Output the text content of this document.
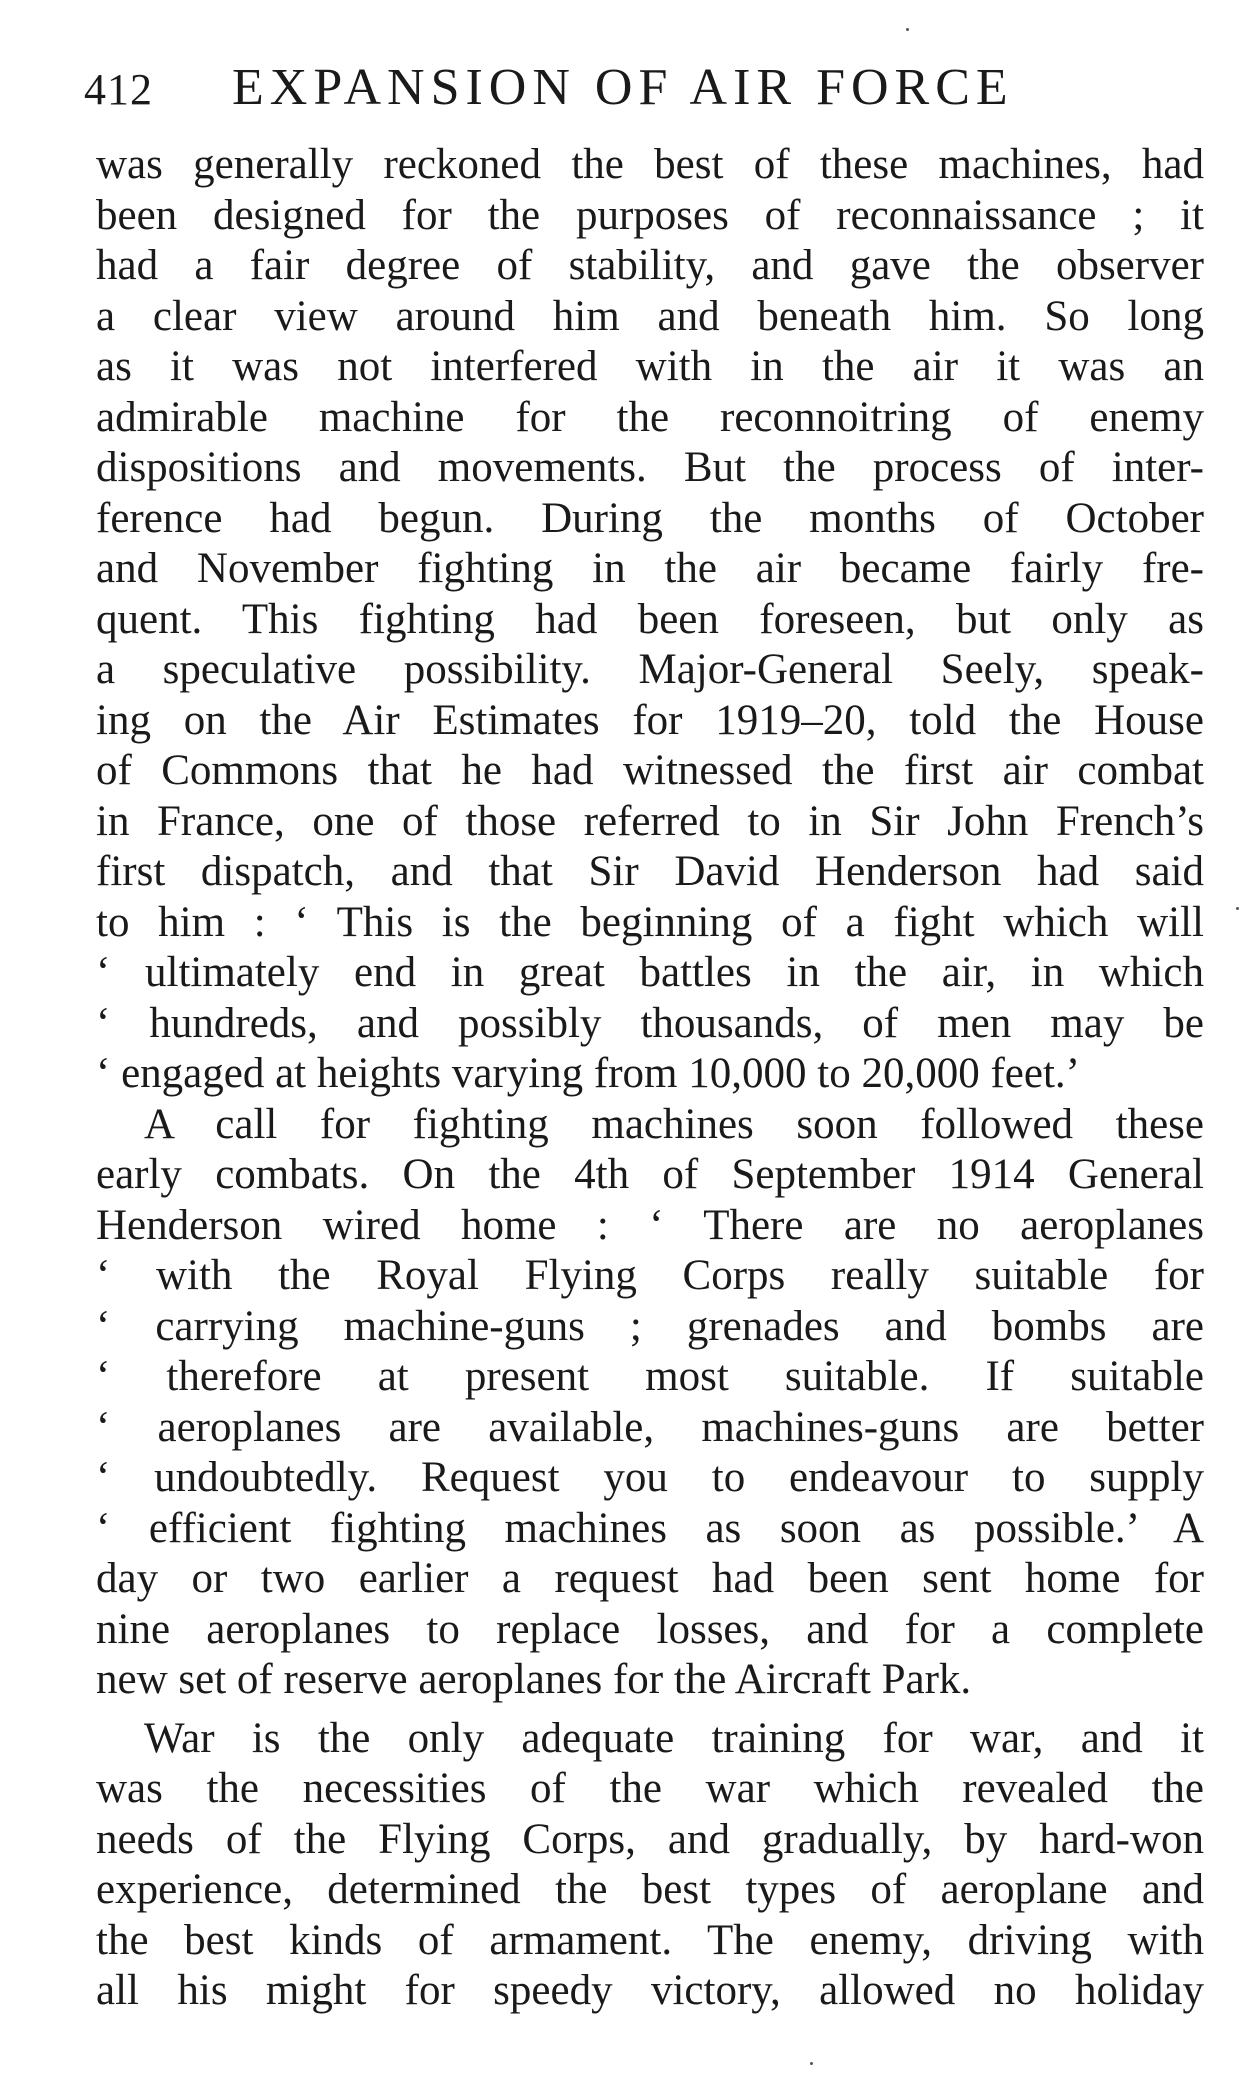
412 EXPANSION OF AIR FORCE
was generally reckoned the best of these machines, had
been designed for the purposes of reconnaissance ; it
had a fair degree of stability, and gave the observer
a clear view around him and beneath him. So long
as it was not interfered with in the air it was an
admirable machine for the reconnoitring of enemy
dispositions and movements. But the process of inter-
ference had begun. During the months of October
and November fighting in the air became fairly fre-
quent. This fighting had been foreseen, but only as
a speculative possibility. Major-General Seely, speak-
ing on the Air Estimates for 1919–20, told the House
of Commons that he had witnessed the first air combat
in France, one of those referred to in Sir John French’s
first dispatch, and that Sir David Henderson had said
to him : ‘ This is the beginning of a fight which will
‘ ultimately end in great battles in the air, in which
‘ hundreds, and possibly thousands, of men may be
‘ engaged at heights varying from 10,000 to 20,000 feet.’
A call for fighting machines soon followed these
early combats. On the 4th of September 1914 General
Henderson wired home : ‘ There are no aeroplanes
‘ with the Royal Flying Corps really suitable for
‘ carrying machine-guns ; grenades and bombs are
‘ therefore at present most suitable. If suitable
‘ aeroplanes are available, machines-guns are better
‘ undoubtedly. Request you to endeavour to supply
‘ efficient fighting machines as soon as possible.’ A
day or two earlier a request had been sent home for
nine aeroplanes to replace losses, and for a complete
new set of reserve aeroplanes for the Aircraft Park.
War is the only adequate training for war, and it
was the necessities of the war which revealed the
needs of the Flying Corps, and gradually, by hard-won
experience, determined the best types of aeroplane and
the best kinds of armament. The enemy, driving with
all his might for speedy victory, allowed no holiday
